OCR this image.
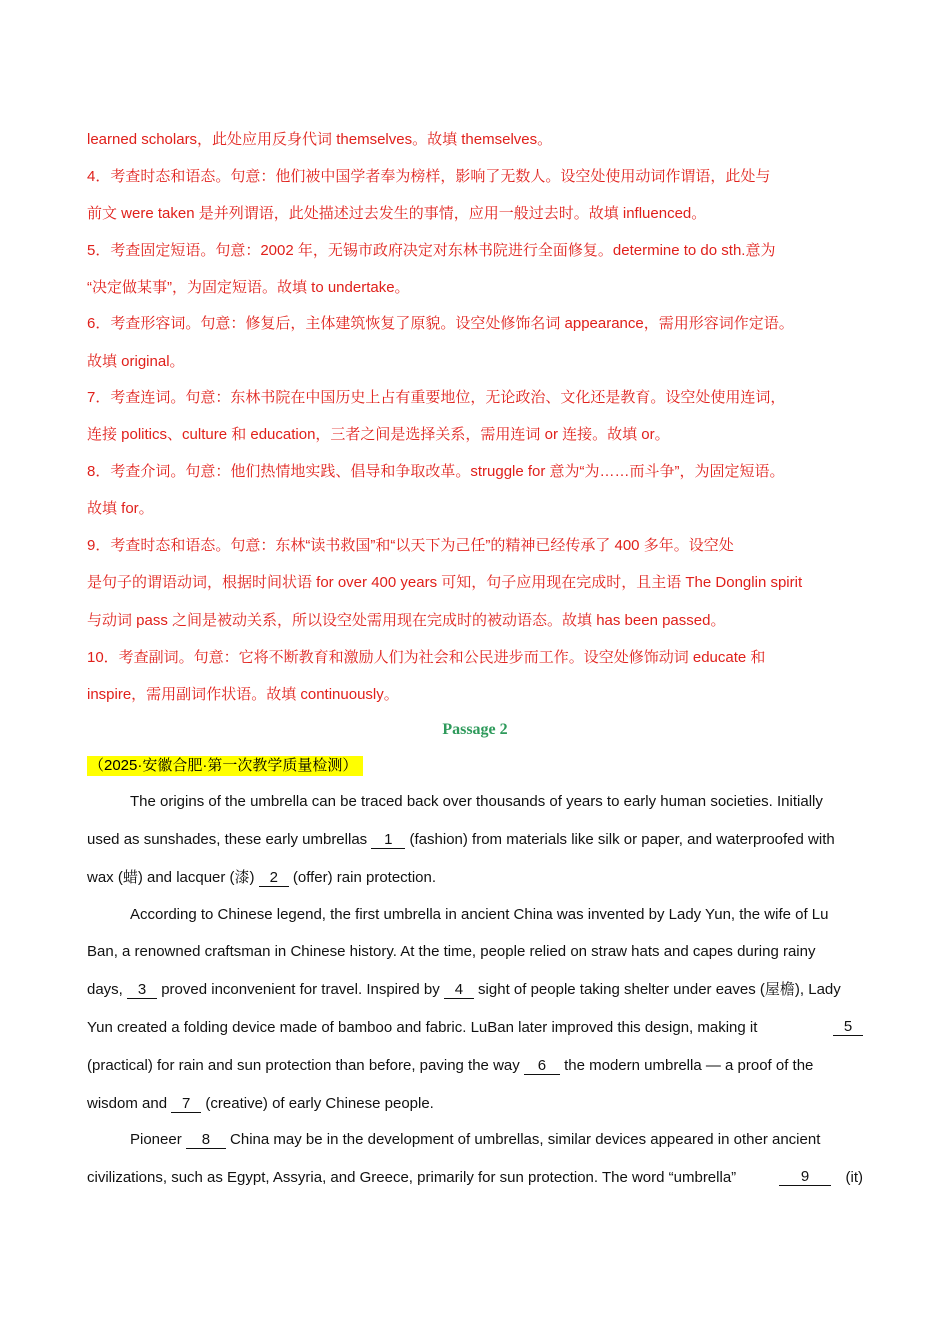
learned scholars，此处应用反身代词 themselves。故填 themselves。
4．考查时态和语态。句意：他们被中国学者奉为榜样，影响了无数人。设空处使用动词作谓语，此处与
前文 were taken 是并列谓语，此处描述过去发生的事情，应用一般过去时。故填 influenced。
5．考查固定短语。句意：2002 年，无锡市政府决定对东林书院进行全面修复。determine to do sth.意为
“决定做某事”，为固定短语。故填 to undertake。
6．考查形容词。句意：修复后，主体建筑恢复了原貌。设空处修饰名词 appearance，需用形容词作定语。
故填 original。
7．考查连词。句意：东林书院在中国历史上占有重要地位，无论政治、文化还是教育。设空处使用连词，
连接 politics、culture 和 education，三者之间是选择关系，需用连词 or 连接。故填 or。
8．考查介词。句意：他们热情地实践、倡导和争取改革。struggle for 意为“为……而斗争”，为固定短语。
故填 for。
9．考查时态和语态。句意：东林“读书救国”和“以天下为己任”的精神已经传承了 400 多年。设空处
是句子的谓语动词，根据时间状语 for over 400 years 可知，句子应用现在完成时，且主语 The Donglin spirit
与动词 pass 之间是被动关系，所以设空处需用现在完成时的被动语态。故填 has been passed。
10．考查副词。句意：它将不断教育和激励人们为社会和公民进步而工作。设空处修饰动词 educate 和
inspire，需用副词作状语。故填 continuously。
Passage 2
（2025·安徽合肥·第一次教学质量检测）
The origins of the umbrella can be traced back over thousands of years to early human societies. Initially
used as sunshades, these early umbrellas 1 (fashion) from materials like silk or paper, and waterproofed with
wax (蜡) and lacquer (漆) 2 (offer) rain protection.
According to Chinese legend, the first umbrella in ancient China was invented by Lady Yun, the wife of Lu
Ban, a renowned craftsman in Chinese history. At the time, people relied on straw hats and capes during rainy
days, 3 proved inconvenient for travel. Inspired by 4 sight of people taking shelter under eaves (屋檐), Lady
Yun created a folding device made of bamboo and fabric. LuBan later improved this design, making it	5
(practical) for rain and sun protection than before, paving the way 6 the modern umbrella — a proof of the
wisdom and 7 (creative) of early Chinese people.
Pioneer 8 China may be in the development of umbrellas, similar devices appeared in other ancient
civilizations, such as Egypt, Assyria, and Greece, primarily for sun protection. The word “umbrella”	9	(it)
